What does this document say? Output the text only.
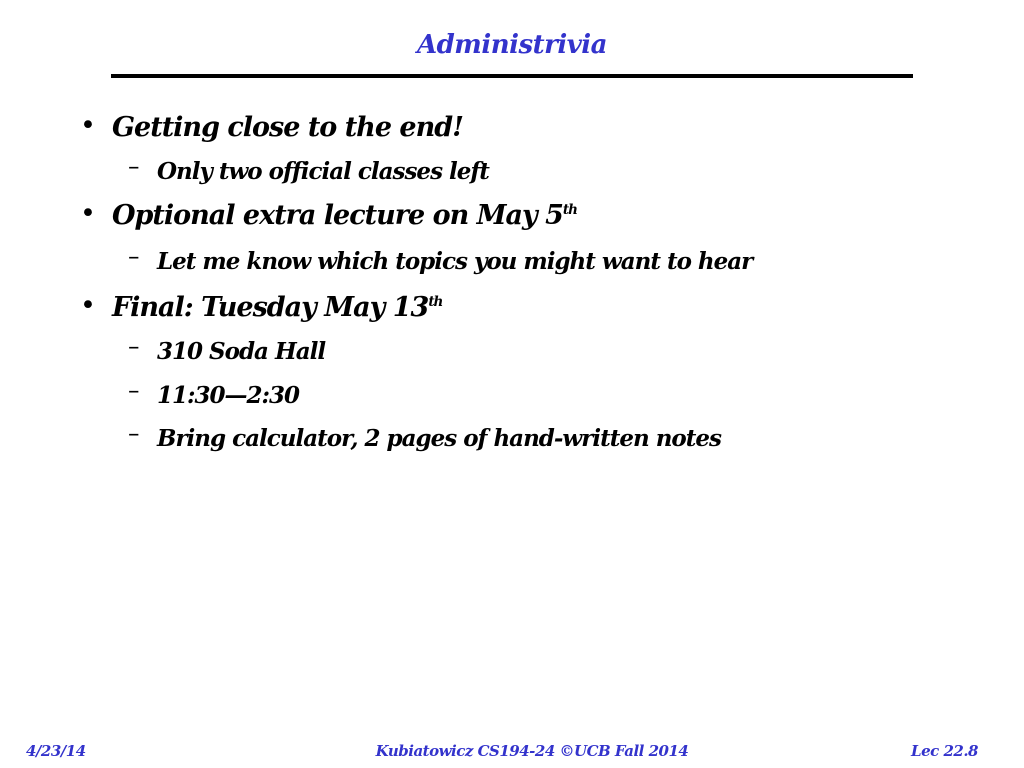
Administrivia
• Getting close to the end!
– Only two official classes left
• Optional extra lecture on May 5th
– Let me know which topics you might want to hear
• Final: Tuesday May 13th
– 310 Soda Hall
– 11:30—2:30
– Bring calculator, 2 pages of hand-written notes
4/23/14	Kubiatowicz CS194-24 ©UCB Fall 2014	Lec 22.8
